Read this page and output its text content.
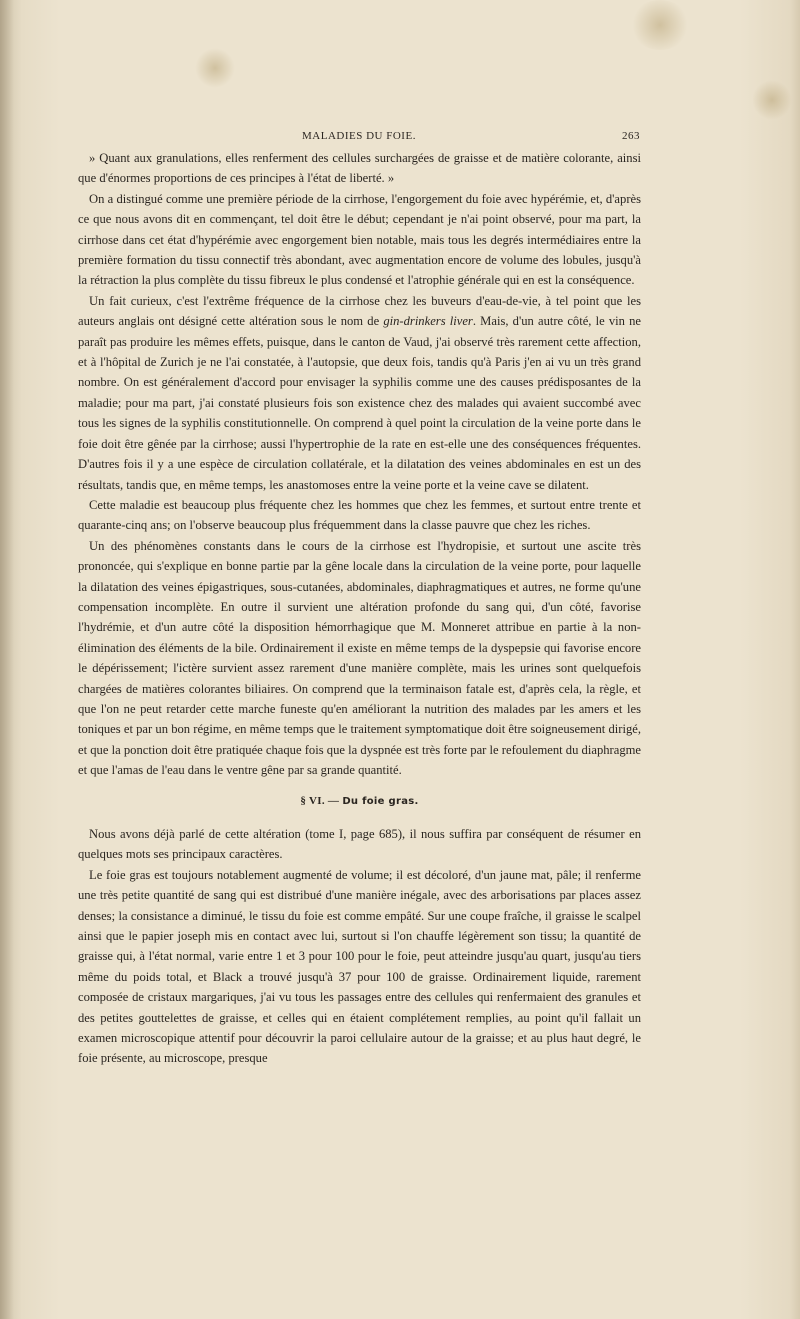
MALADIES DU FOIE.	263

» Quant aux granulations, elles renferment des cellules surchargées de graisse et de matière colorante, ainsi que d'énormes proportions de ces principes à l'état de liberté. »

On a distingué comme une première période de la cirrhose, l'engorgement du foie avec hypérémie, et, d'après ce que nous avons dit en commençant, tel doit être le début; cependant je n'ai point observé, pour ma part, la cirrhose dans cet état d'hypérémie avec engorgement bien notable, mais tous les degrés intermédiaires entre la première formation du tissu connectif très abondant, avec augmentation encore de volume des lobules, jusqu'à la rétraction la plus complète du tissu fibreux le plus condensé et l'atrophie générale qui en est la conséquence.

Un fait curieux, c'est l'extrême fréquence de la cirrhose chez les buveurs d'eau-de-vie, à tel point que les auteurs anglais ont désigné cette altération sous le nom de gin-drinkers liver. Mais, d'un autre côté, le vin ne paraît pas produire les mêmes effets, puisque, dans le canton de Vaud, j'ai observé très rarement cette affection, et à l'hôpital de Zurich je ne l'ai constatée, à l'autopsie, que deux fois, tandis qu'à Paris j'en ai vu un très grand nombre. On est généralement d'accord pour envisager la syphilis comme une des causes prédisposantes de la maladie; pour ma part, j'ai constaté plusieurs fois son existence chez des malades qui avaient succombé avec tous les signes de la syphilis constitutionnelle. On comprend à quel point la circulation de la veine porte dans le foie doit être gênée par la cirrhose; aussi l'hypertrophie de la rate en est-elle une des conséquences fréquentes. D'autres fois il y a une espèce de circulation collatérale, et la dilatation des veines abdominales en est un des résultats, tandis que, en même temps, les anastomoses entre la veine porte et la veine cave se dilatent.

Cette maladie est beaucoup plus fréquente chez les hommes que chez les femmes, et surtout entre trente et quarante-cinq ans; on l'observe beaucoup plus fréquemment dans la classe pauvre que chez les riches.

Un des phénomènes constants dans le cours de la cirrhose est l'hydropisie, et surtout une ascite très prononcée, qui s'explique en bonne partie par la gêne locale dans la circulation de la veine porte, pour laquelle la dilatation des veines épigastriques, sous-cutanées, abdominales, diaphragmatiques et autres, ne forme qu'une compensation incomplète. En outre il survient une altération profonde du sang qui, d'un côté, favorise l'hydrémie, et d'un autre côté la disposition hémorrhagique que M. Monneret attribue en partie à la non-élimination des éléments de la bile. Ordinairement il existe en même temps de la dyspepsie qui favorise encore le dépérissement; l'ictère survient assez rarement d'une manière complète, mais les urines sont quelquefois chargées de matières colorantes biliaires. On comprend que la terminaison fatale est, d'après cela, la règle, et que l'on ne peut retarder cette marche funeste qu'en améliorant la nutrition des malades par les amers et les toniques et par un bon régime, en même temps que le traitement symptomatique doit être soigneusement dirigé, et que la ponction doit être pratiquée chaque fois que la dyspnée est très forte par le refoulement du diaphragme et que l'amas de l'eau dans le ventre gêne par sa grande quantité.

§ VI. — Du foie gras.

Nous avons déjà parlé de cette altération (tome I, page 685), il nous suffira par conséquent de résumer en quelques mots ses principaux caractères.

Le foie gras est toujours notablement augmenté de volume; il est décoloré, d'un jaune mat, pâle; il renferme une très petite quantité de sang qui est distribué d'une manière inégale, avec des arborisations par places assez denses; la consistance a diminué, le tissu du foie est comme empâté. Sur une coupe fraîche, il graisse le scalpel ainsi que le papier joseph mis en contact avec lui, surtout si l'on chauffe légèrement son tissu; la quantité de graisse qui, à l'état normal, varie entre 1 et 3 pour 100 pour le foie, peut atteindre jusqu'au quart, jusqu'au tiers même du poids total, et Black a trouvé jusqu'à 37 pour 100 de graisse. Ordinairement liquide, rarement composée de cristaux margariques, j'ai vu tous les passages entre des cellules qui renfermaient des granules et des petites gouttelettes de graisse, et celles qui en étaient complétement remplies, au point qu'il fallait un examen microscopique attentif pour découvrir la paroi cellulaire autour de la graisse; et au plus haut degré, le foie présente, au microscope, presque
